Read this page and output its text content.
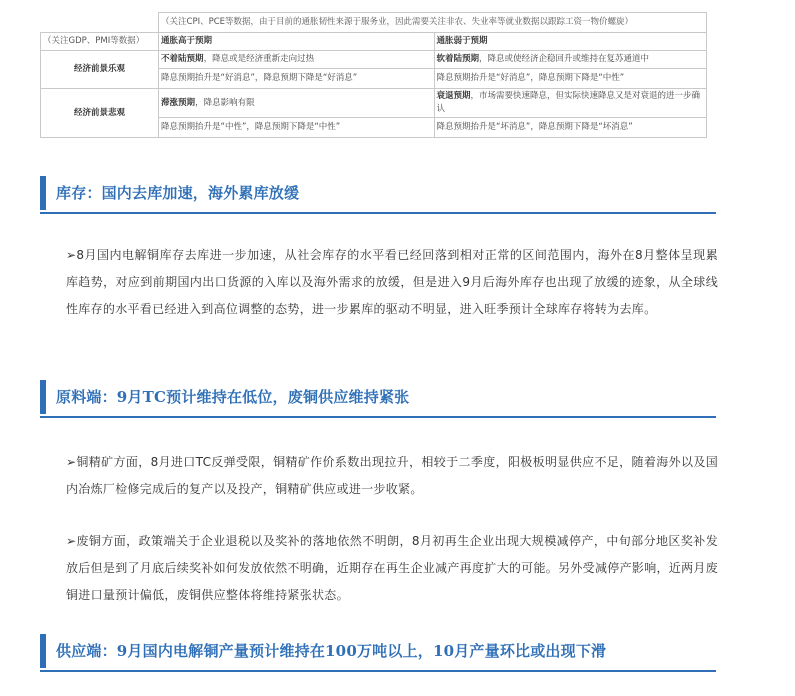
	（关注CPI、PCE等数据，由于目前的通胀韧性来源于服务业，因此需要关注非农、失业率等就业数据以跟踪工资一物价螺旋）	
（关注GDP、PMI等数据）	通胀高于预期	通胀弱于预期
经济前景乐观	不着陆预期，降息或是经济重新走向过热	软着陆预期，降息或使经济企稳回升或维持在复苏通道中
	降息预期抬升是“好消息”，降息预期下降是“好消息”	降息预期抬升是“好消息”，降息预期下降是“中性”
经济前景悲观	滞涨预期，降息影响有限	衰退预期，市场需要快速降息，但实际快速降息又是对衰退的进一步确认
	降息预期抬升是“中性”，降息预期下降是“中性”	降息预期抬升是“坏消息”，降息预期下降是“坏消息”
库存：国内去库加速，海外累库放缓
➢8月国内电解铜库存去库进一步加速，从社会库存的水平看已经回落到相对正常的区间范围内，海外在8月整体呈现累库趋势，对应到前期国内出口货源的入库以及海外需求的放缓，但是进入9月后海外库存也出现了放缓的迹象，从全球线性库存的水平看已经进入到高位调整的态势，进一步累库的驱动不明显，进入旺季预计全球库存将转为去库。
原料端：9月TC预计维持在低位，废铜供应维持紧张
➢铜精矿方面，8月进口TC反弹受限，铜精矿作价系数出现拉升，相较于二季度，阳极板明显供应不足，随着海外以及国内冶炼厂检修完成后的复产以及投产，铜精矿供应或进一步收紧。
➢废铜方面，政策端关于企业退税以及奖补的落地依然不明朗，8月初再生企业出现大规模减停产，中旬部分地区奖补发放后但是到了月底后续奖补如何发放依然不明确，近期存在再生企业减产再度扩大的可能。另外受减停产影响，近两月废铜进口量预计偏低，废铜供应整体将维持紧张状态。
供应端：9月国内电解铜产量预计维持在100万吨以上，10月产量环比或出现下滑
